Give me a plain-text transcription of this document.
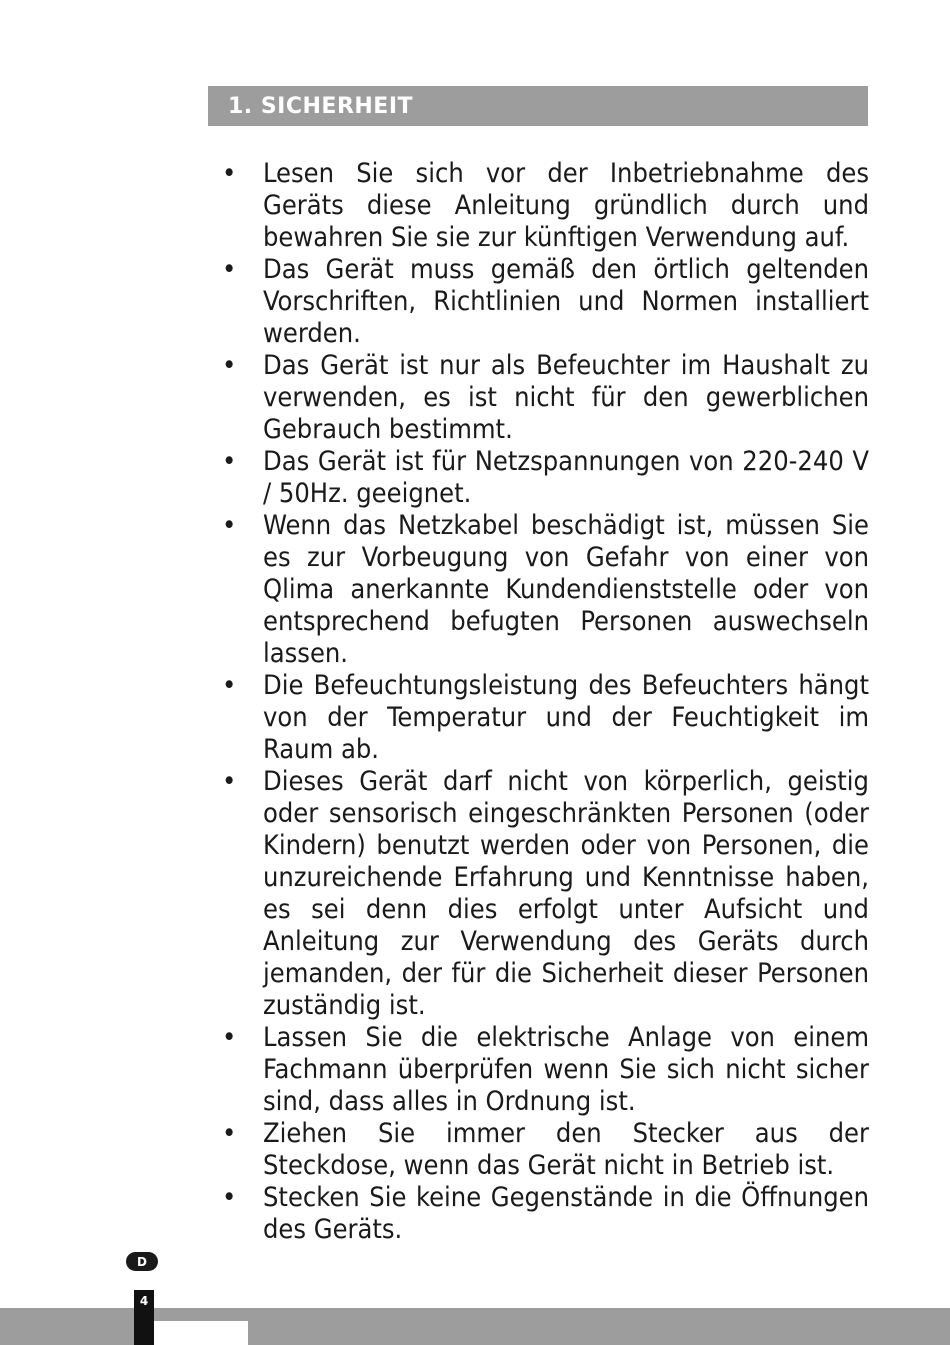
1. SICHERHEIT
• Lesen Sie sich vor der Inbetriebnahme des Geräts diese Anleitung gründlich durch und bewahren Sie sie zur künftigen Verwendung auf.
• Das Gerät muss gemäß den örtlich geltenden Vorschriften, Richtlinien und Normen installiert werden.
• Das Gerät ist nur als Befeuchter im Haushalt zu verwenden, es ist nicht für den gewerblichen Gebrauch bestimmt.
• Das Gerät ist für Netzspannungen von 220-240 V / 50Hz. geeignet.
• Wenn das Netzkabel beschädigt ist, müssen Sie es zur Vorbeugung von Gefahr von einer von Qlima anerkannte Kundendienststelle oder von entsprechend befugten Personen auswechseln lassen.
• Die Befeuchtungsleistung des Befeuchters hängt von der Temperatur und der Feuchtigkeit im Raum ab.
• Dieses Gerät darf nicht von körperlich, geistig oder sensorisch eingeschränkten Personen (oder Kindern) benutzt werden oder von Personen, die unzureichende Erfahrung und Kenntnisse haben, es sei denn dies erfolgt unter Aufsicht und Anleitung zur Verwendung des Geräts durch jemanden, der für die Sicherheit dieser Personen zuständig ist.
• Lassen Sie die elektrische Anlage von einem Fachmann überprüfen wenn Sie sich nicht sicher sind, dass alles in Ordnung ist.
• Ziehen Sie immer den Stecker aus der Steckdose, wenn das Gerät nicht in Betrieb ist.
• Stecken Sie keine Gegenstände in die Öffnungen des Geräts.
D
4
